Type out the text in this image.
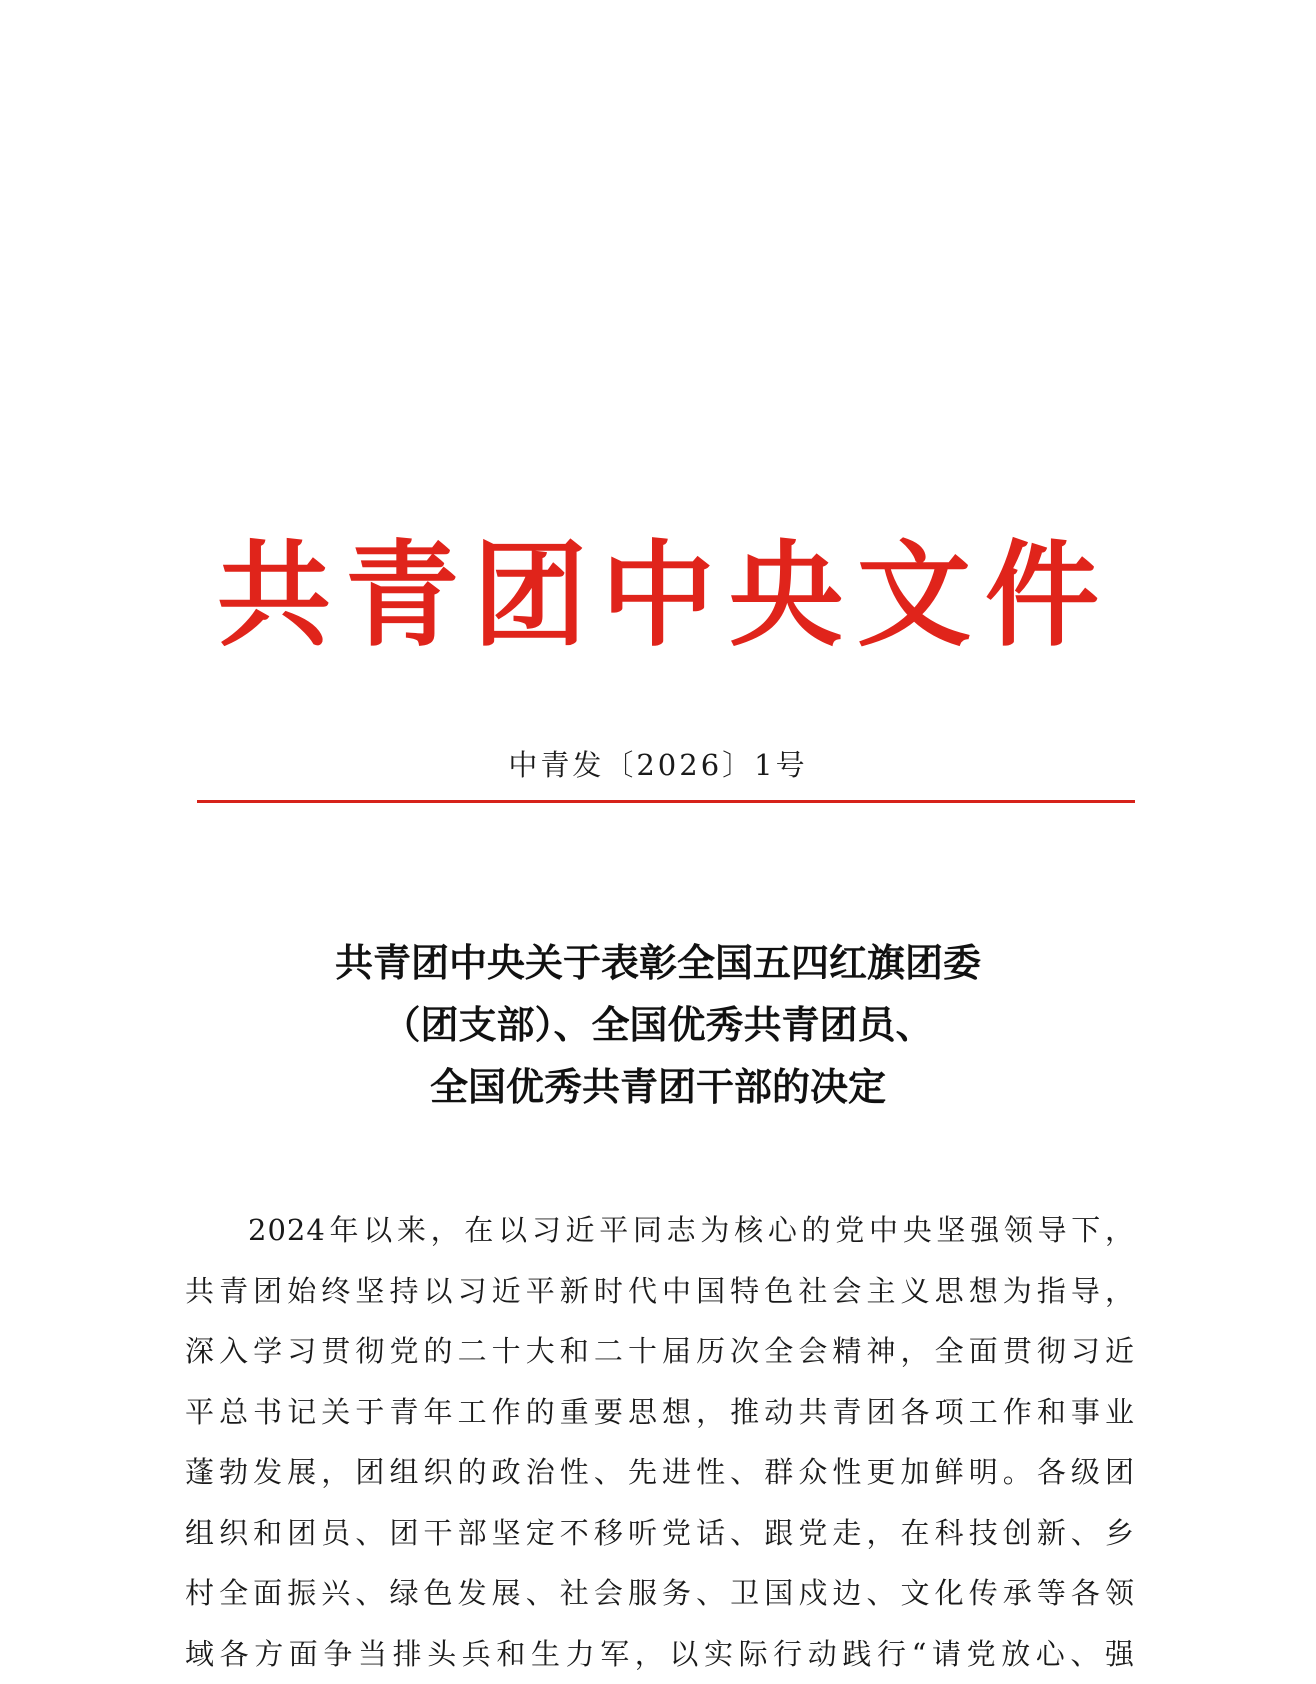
共青团中央文件
中青发〔2026〕1号
共青团中央关于表彰全国五四红旗团委
（团支部）、全国优秀共青团员、
全国优秀共青团干部的决定
2024年以来，在以习近平同志为核心的党中央坚强领导下，
共青团始终坚持以习近平新时代中国特色社会主义思想为指导，
深入学习贯彻党的二十大和二十届历次全会精神，全面贯彻习近
平总书记关于青年工作的重要思想，推动共青团各项工作和事业
蓬勃发展，团组织的政治性、先进性、群众性更加鲜明。各级团
组织和团员、团干部坚定不移听党话、跟党走，在科技创新、乡
村全面振兴、绿色发展、社会服务、卫国戍边、文化传承等各领
域各方面争当排头兵和生力军，以实际行动践行“请党放心、强
